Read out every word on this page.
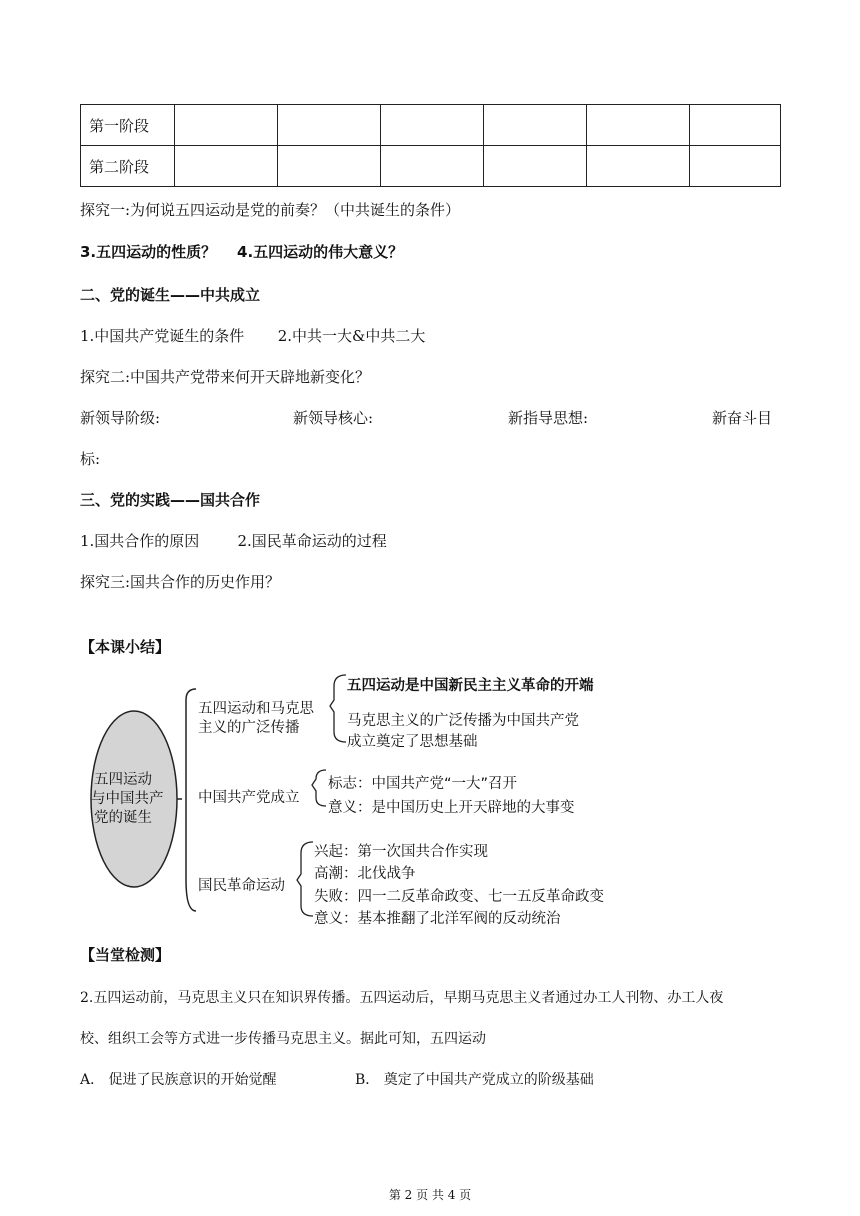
第一阶段						
第二阶段						
探究一:为何说五四运动是党的前奏？（中共诞生的条件）
3.五四运动的性质？    4.五四运动的伟大意义？
二、党的诞生——中共成立
1.中国共产党诞生的条件       2.中共一大&中共二大
探究二:中国共产党带来何开天辟地新变化？
新领导阶级:	新领导核心:	新指导思想:	新奋斗目
标:
三、党的实践——国共合作
1.国共合作的原因        2.国民革命运动的过程
探究三:国共合作的历史作用？
【本课小结】
五四运动
与中国共产
党的诞生
五四运动和马克思
主义的广泛传播
五四运动是中国新民主主义革命的开端
马克思主义的广泛传播为中国共产党
成立奠定了思想基础
中国共产党成立
标志：中国共产党“一大”召开
意义：是中国历史上开天辟地的大事变
国民革命运动
兴起：第一次国共合作实现
高潮：北伐战争
失败：四一二反革命政变、七一五反革命政变
意义：基本推翻了北洋军阀的反动统治
【当堂检测】
2.五四运动前，马克思主义只在知识界传播。五四运动后，早期马克思主义者通过办工人刊物、办工人夜
校、组织工会等方式进一步传播马克思主义。据此可知，五四运动
A． 促进了民族意识的开始觉醒	B． 奠定了中国共产党成立的阶级基础
第 2 页 共 4 页
